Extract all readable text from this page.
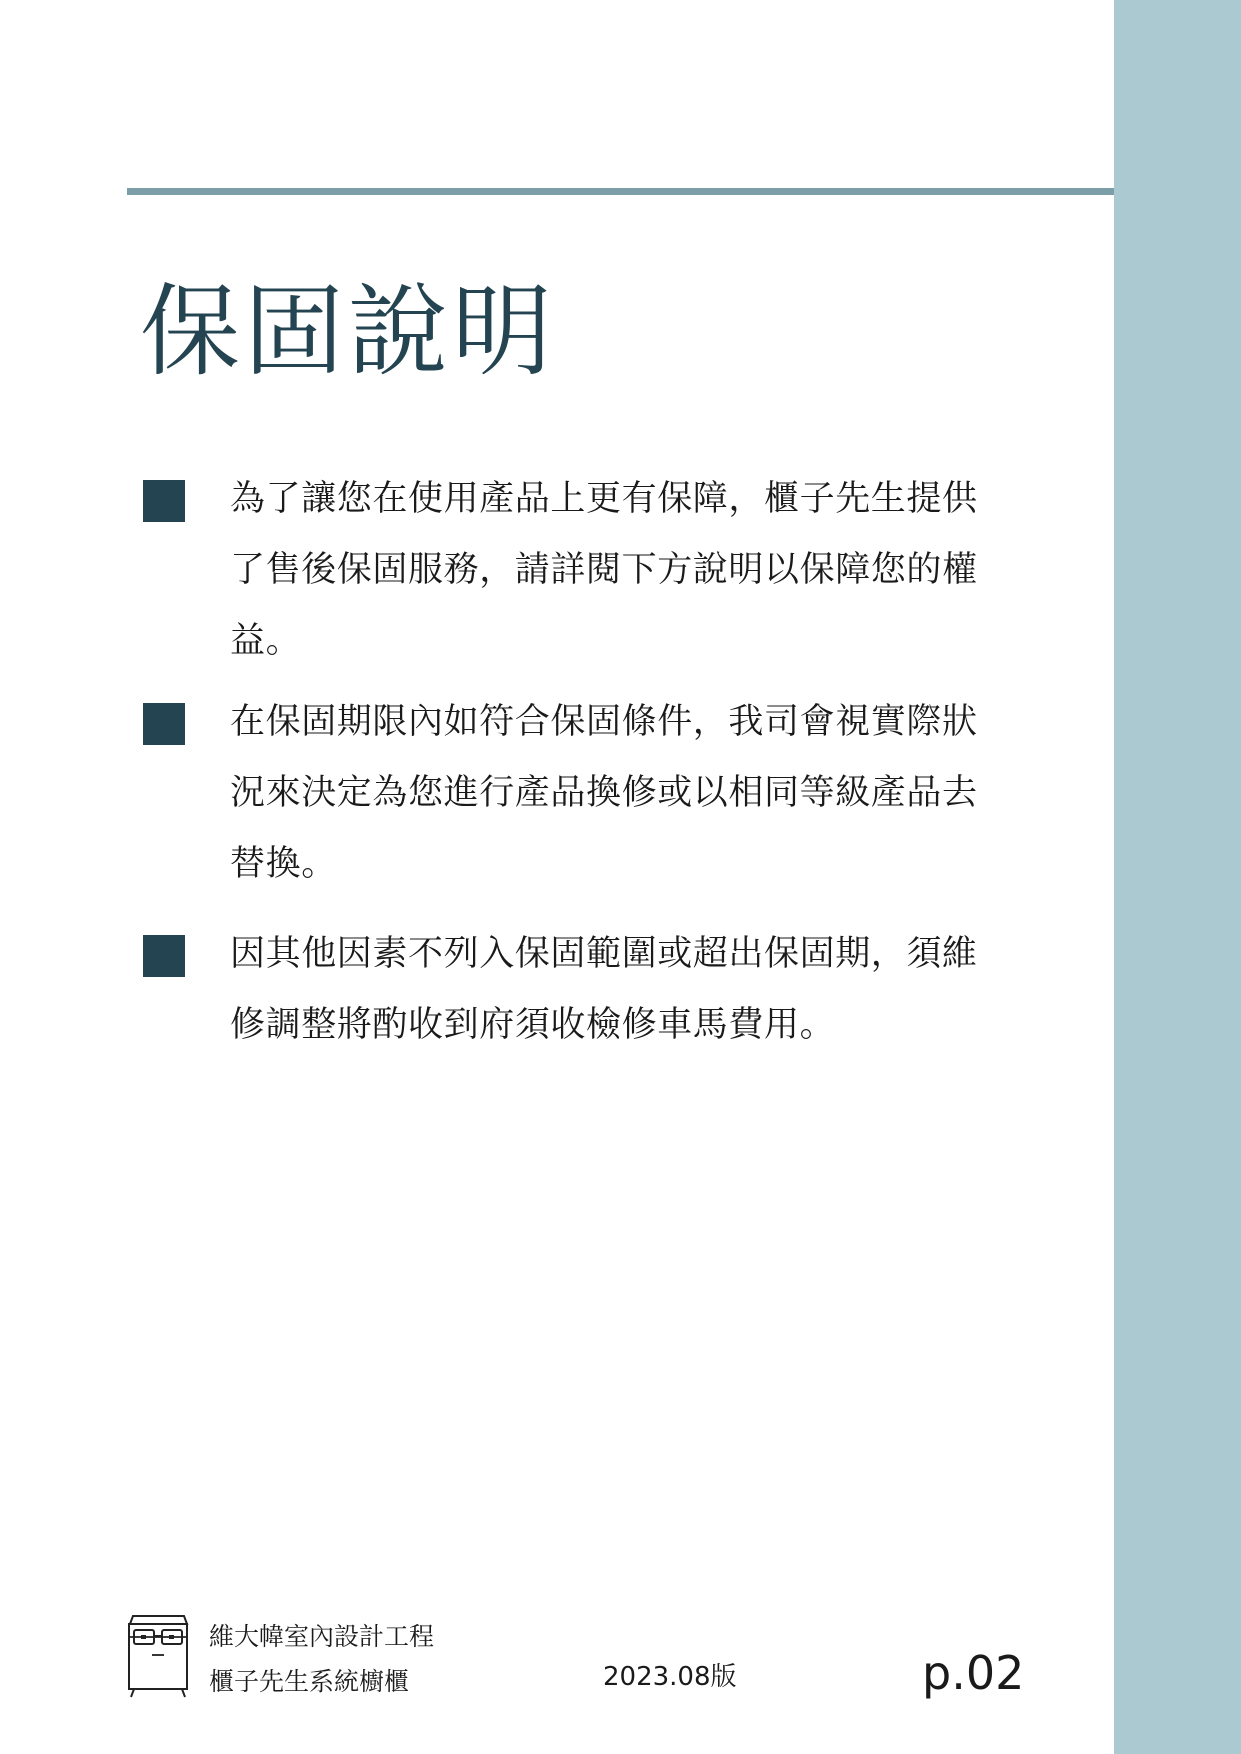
保固說明

為了讓您在使用產品上更有保障，櫃子先生提供了售後保固服務，請詳閱下方說明以保障您的權益。

在保固期限內如符合保固條件，我司會視實際狀況來決定為您進行產品換修或以相同等級產品去替換。

因其他因素不列入保固範圍或超出保固期，須維修調整將酌收到府須收檢修車馬費用。

維大幃室內設計工程
櫃子先生系統櫥櫃	2023.08版	p.02
